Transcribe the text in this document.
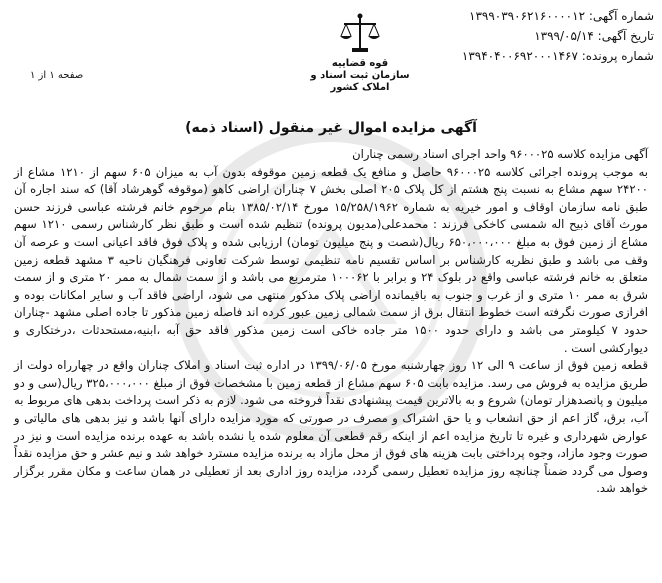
شماره آگهی: ۱۳۹۹۰۳۹۰۶۲۱۶۰۰۰۰۱۲
تاریخ آگهی: ۱۳۹۹/۰۵/۱۴
شماره پرونده: ۱۳۹۴۰۴۰۰۶۹۲۰۰۰۱۴۶۷
قوه قضاییه
سازمان ثبت اسناد و املاک کشور
صفحه ۱ از ۱
آگهی مزایده اموال غیر منقول (اسناد ذمه)

آگهی مزایده کلاسه ۹۶۰۰۰۲۵ واحد اجرای اسناد رسمی چناران

به موجب پرونده اجرائی کلاسه ۹۶۰۰۰۲۵ حاصل و منافع یک قطعه زمین موقوفه بدون آب به میزان ۶۰۵ سهم از ۱۲۱۰ مشاع از ۲۴۲۰۰ سهم مشاع به نسبت پنج هشتم از کل پلاک ۲۰۵ اصلی بخش ۷ چناران اراضی کاهو (موقوفه گوهرشاد آقا) که سند اجاره آن طبق نامه سازمان اوقاف و امور خیریه به شماره ۱۵/۲۵۸/۱۹۶۲ مورخ ۱۳۸۵/۰۲/۱۴ بنام مرحوم خانم فرشته عباسی فرزند حسن مورث آقای ذبیح اله شمسی کاخکی فرزند : محمدعلی(مدیون پرونده) تنظیم شده است و طبق نظر کارشناس رسمی ۱۲۱۰ سهم مشاع از زمین فوق به مبلغ ۶۵۰،۰۰۰،۰۰۰ ریال(شصت و پنج میلیون تومان) ارزیابی شده و پلاک فوق فاقد اعیانی است و عرصه آن وقف می باشد و طبق نظریه کارشناس بر اساس تقسیم نامه تنظیمی توسط شرکت تعاونی فرهنگیان ناحیه ۳ مشهد قطعه زمین متعلق به خانم فرشته عباسی واقع در بلوک ۲۴ و برابر با ۱۰۰۰۶۲ مترمربع می باشد و از سمت شمال به ممر ۲۰ متری و از سمت شرق به ممر ۱۰ متری و از غرب و جنوب به باقیمانده اراضی پلاک مذکور منتهی می شود، اراضی فاقد آب و سایر امکانات بوده و افرازی صورت نگرفته است خطوط انتقال برق از سمت شمالی زمین عبور کرده اند فاصله زمین مذکور تا جاده اصلی مشهد -چناران حدود ۷ کیلومتر می باشد و دارای حدود ۱۵۰۰ متر جاده خاکی است زمین مذکور فاقد حق آبه ،ابنیه،مستحدثات ،درختکاری و دیوارکشی است .

قطعه زمین فوق از ساعت ۹ الی ۱۲ روز چهارشنبه مورخ ۱۳۹۹/۰۶/۰۵ در اداره ثبت اسناد و املاک چناران واقع در چهارراه دولت از طریق مزایده به فروش می رسد. مزایده بابت ۶۰۵ سهم مشاع از قطعه زمین با مشخصات فوق از مبلغ ۳۲۵،۰۰۰،۰۰۰ ریال(سی و دو میلیون و پانصدهزار تومان) شروع و به بالاترین قیمت پیشنهادی نقداً فروخته می شود. لازم به ذکر است پرداخت بدهی های مربوط به آب، برق، گاز اعم از حق انشعاب و یا حق اشتراک و مصرف در صورتی که مورد مزایده دارای آنها باشد و نیز بدهی های مالیاتی و عوارض شهرداری و غیره تا تاریخ مزایده اعم از اینکه رقم قطعی آن معلوم شده یا نشده باشد به عهده برنده مزایده است و نیز در صورت وجود مازاد، وجوه پرداختی بابت هزینه های فوق از محل مازاد به برنده مزایده مسترد خواهد شد و نیم عشر و حق مزایده نقداً وصول می گردد ضمناً چنانچه روز مزایده تعطیل رسمی گردد، مزایده روز اداری بعد از تعطیلی در همان ساعت و مکان مقرر برگزار خواهد شد.
